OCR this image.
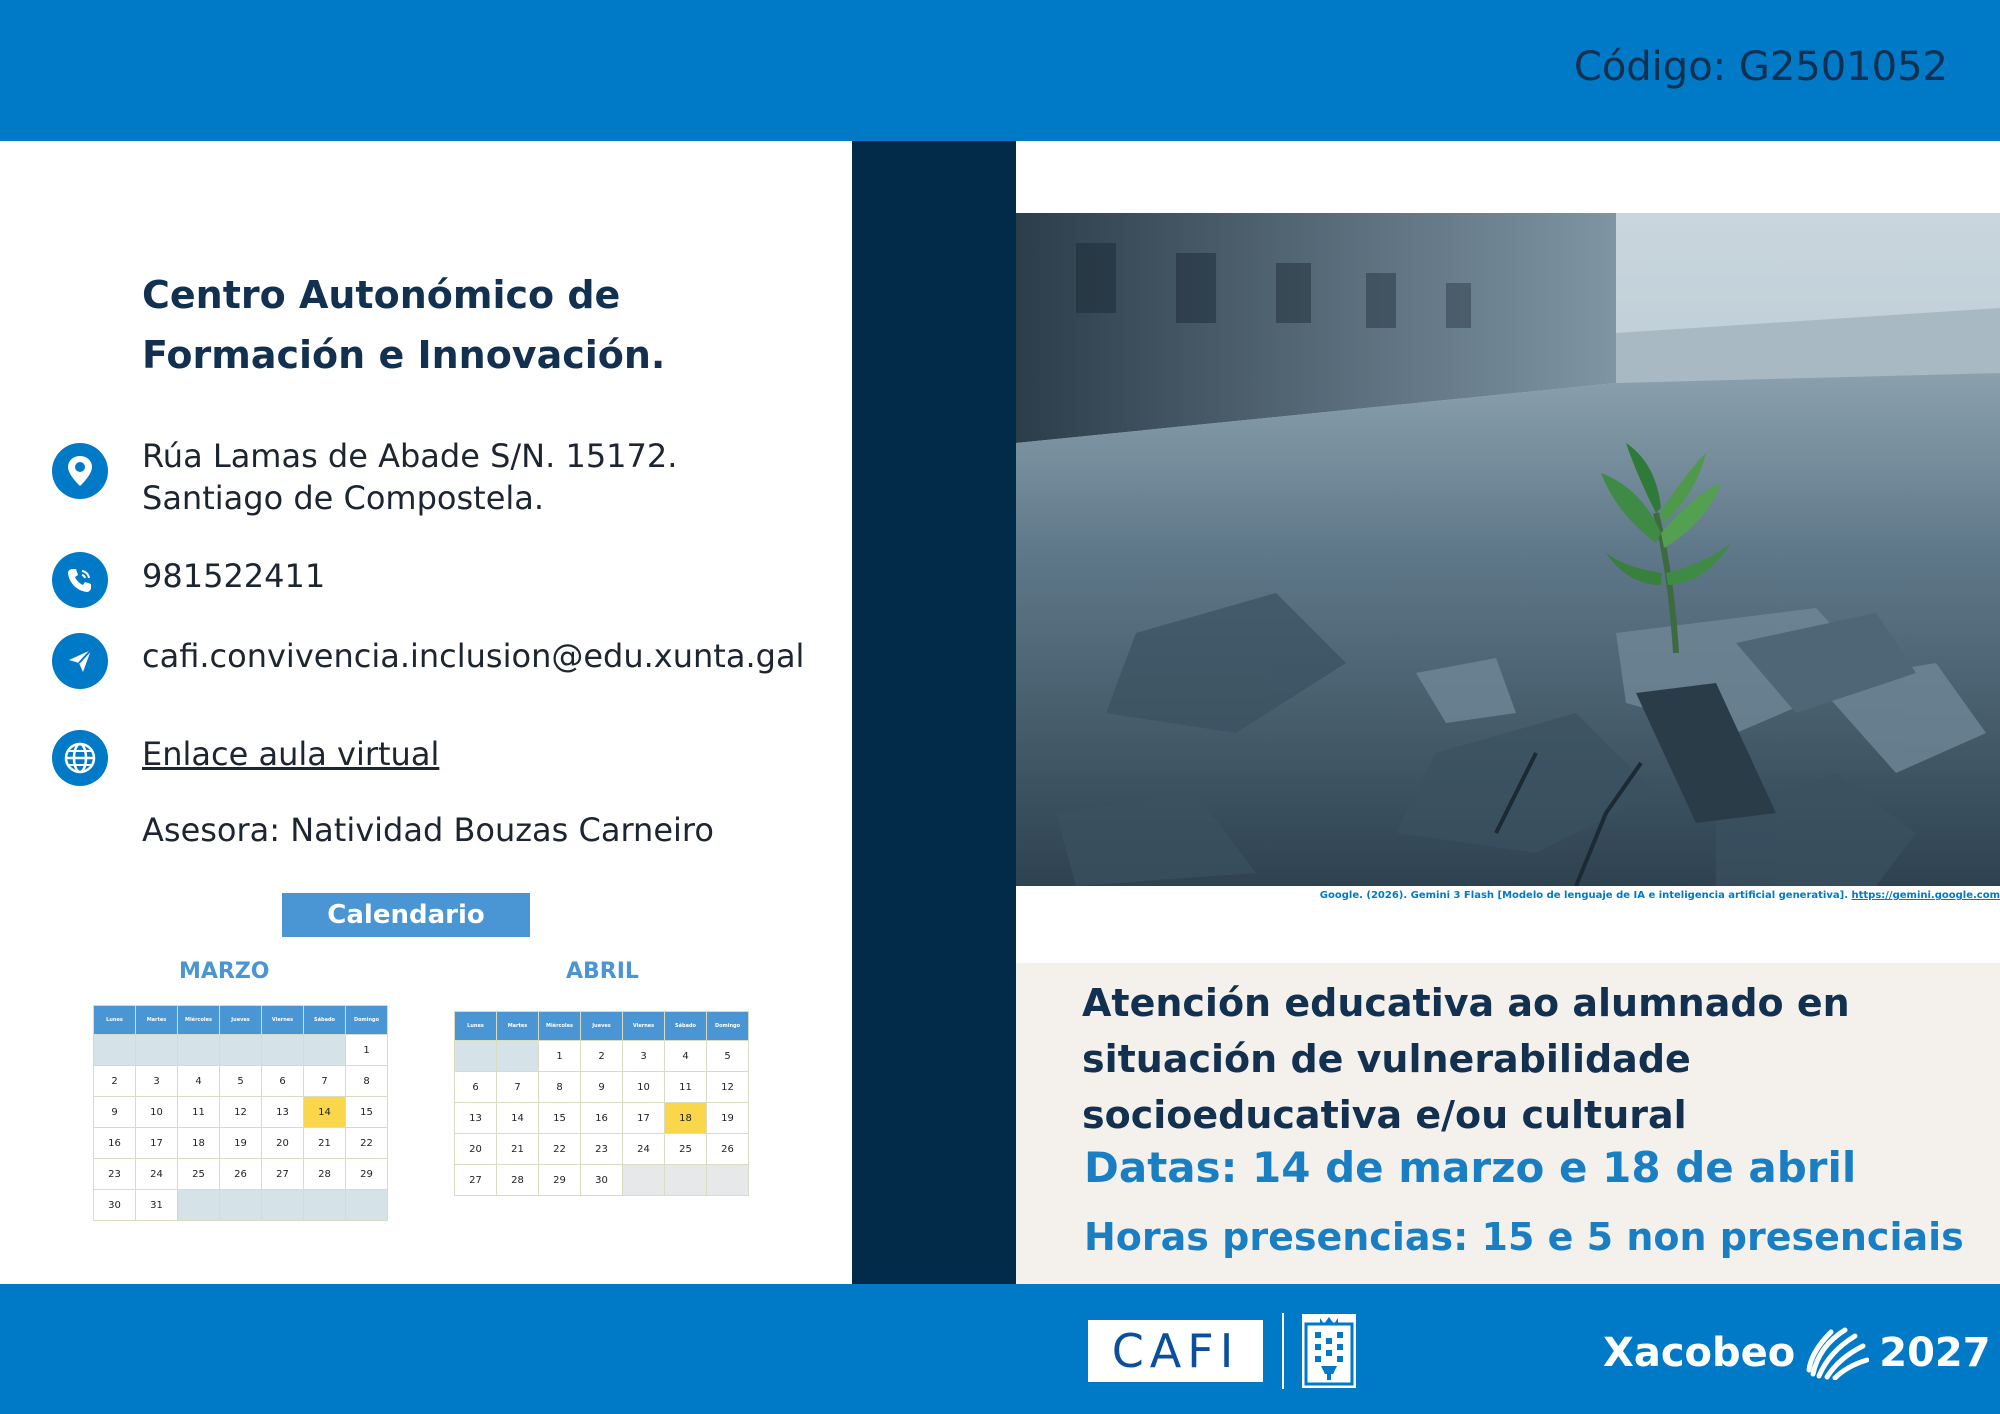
Código: G2501052
Centro Autonómico de
Formación e Innovación.
Rúa Lamas de Abade S/N. 15172.
Santiago de Compostela.
981522411
cafi.convivencia.inclusion@edu.xunta.gal
Enlace aula virtual
Asesora: Natividad Bouzas Carneiro
Calendario
MARZO
Lunes	Martes	Miércoles	Jueves	Viernes	Sábado	Domingo
						1
2	3	4	5	6	7	8
9	10	11	12	13	14	15
16	17	18	19	20	21	22
23	24	25	26	27	28	29
30	31					
ABRIL
Lunes	Martes	Miércoles	Jueves	Viernes	Sábado	Domingo
		1	2	3	4	5
6	7	8	9	10	11	12
13	14	15	16	17	18	19
20	21	22	23	24	25	26
27	28	29	30			
Google. (2026). Gemini 3 Flash [Modelo de lenguaje de IA e inteligencia artificial generativa]. https://gemini.google.com
Atención educativa ao alumnado en situación de vulnerabilidade socioeducativa e/ou cultural
Datas: 14 de marzo e 18 de abril
Horas presencias: 15 e 5 non presenciais
CAFI	Xacobeo 2027
